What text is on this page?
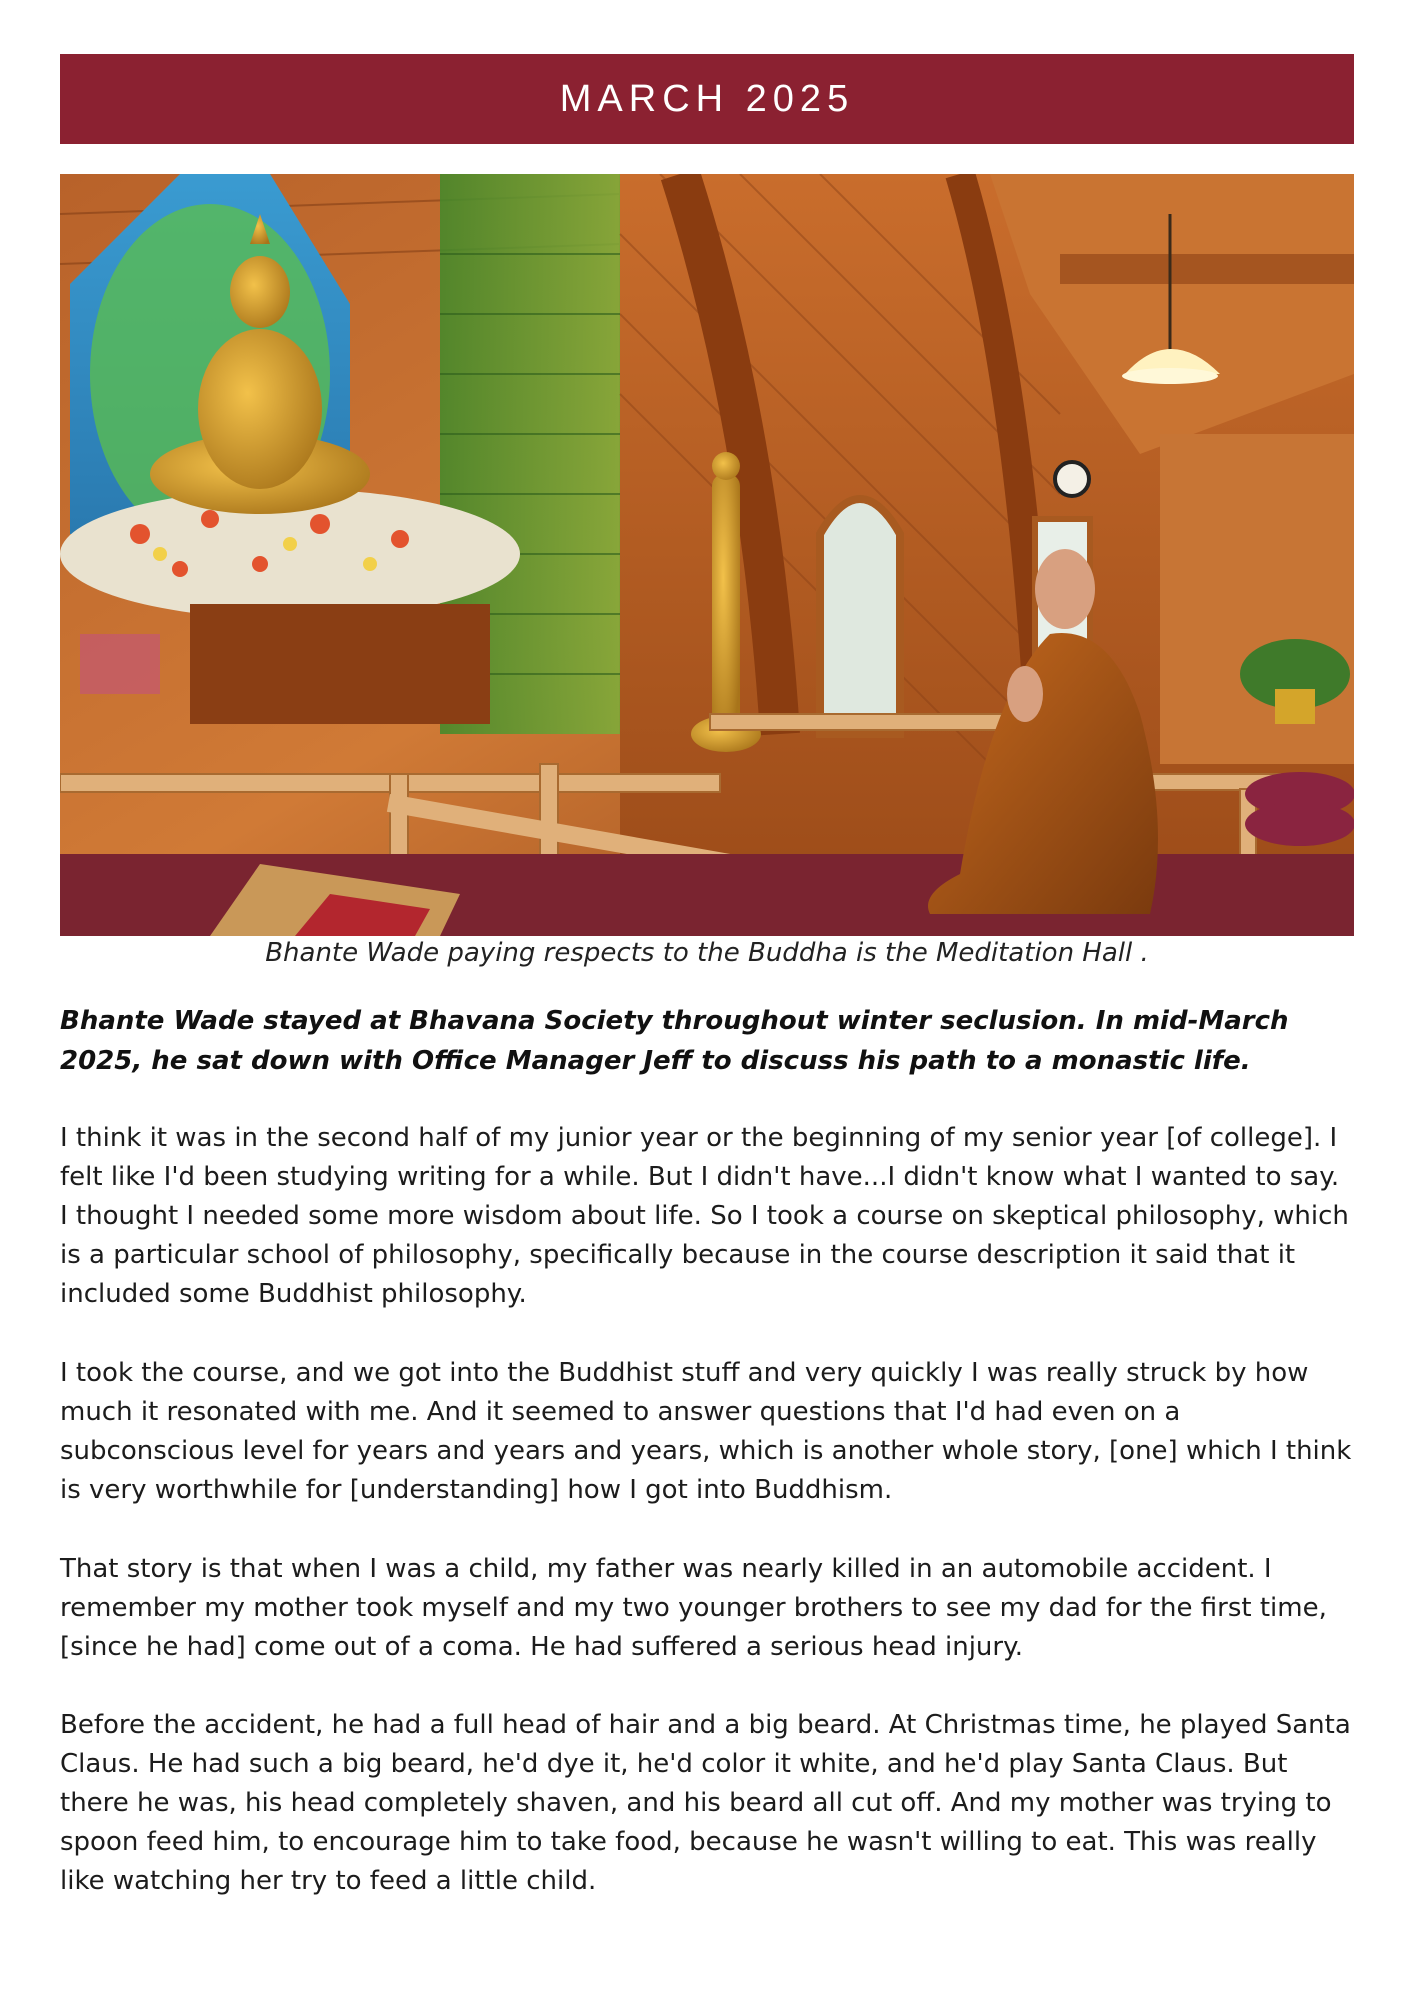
MARCH 2025
Bhante Wade paying respects to the Buddha is the Meditation Hall .
Bhante Wade stayed at Bhavana Society throughout winter seclusion. In mid-March 2025, he sat down with Office Manager Jeff to discuss his path to a monastic life.
I think it was in the second half of my junior year or the beginning of my senior year [of college]. I felt like I'd been studying writing for a while. But I didn't have...I didn't know what I wanted to say. I thought I needed some more wisdom about life. So I took a course on skeptical philosophy, which is a particular school of philosophy, specifically because in the course description it said that it included some Buddhist philosophy.
I took the course, and we got into the Buddhist stuff and very quickly I was really struck by how much it resonated with me. And it seemed to answer questions that I'd had even on a subconscious level for years and years and years, which is another whole story, [one] which I think is very worthwhile for [understanding] how I got into Buddhism.
That story is that when I was a child, my father was nearly killed in an automobile accident. I remember my mother took myself and my two younger brothers to see my dad for the first time, [since he had] come out of a coma. He had suffered a serious head injury.
Before the accident, he had a full head of hair and a big beard. At Christmas time, he played Santa Claus. He had such a big beard, he'd dye it, he'd color it white, and he'd play Santa Claus. But there he was, his head completely shaven, and his beard all cut off. And my mother was trying to spoon feed him, to encourage him to take food, because he wasn't willing to eat. This was really like watching her try to feed a little child.
